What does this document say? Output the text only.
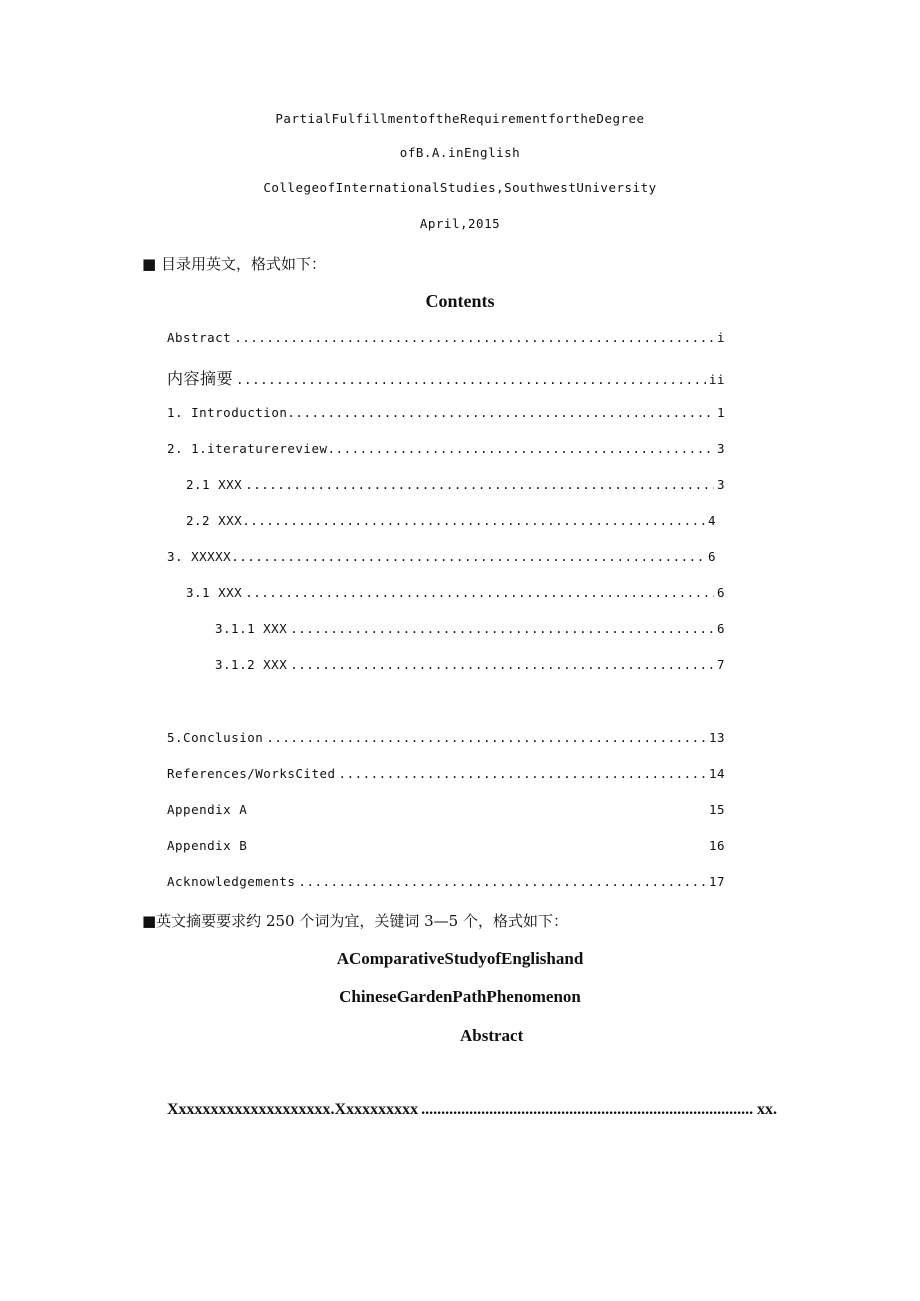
PartialFulfillmentoftheRequirementfortheDegree
ofB.A.inEnglish
CollegeofInternationalStudies,SouthwestUniversity
April,2015
■ 目录用英文，格式如下：
Contents
Abstract .....	i
内容摘要 .....	ii
1. Introduction .....	1
2. 1.iteraturereview .....	3
2.1 XXX .....	3
2.2 XXX .....	4
3. XXXXX .....	6
3.1 XXX .....	6
3.1.1 XXX .....	6
3.1.2 XXX .....	7
5.Conclusion .....	13
References/WorksCited .....	14
Appendix A	15
Appendix B	16
Acknowledgements .....	17
■英文摘要要求约 250 个词为宜，关键词 3—5 个，格式如下：
AComparativeStudyofEnglishand
ChineseGardenPathPhenomenon
Abstract
Xxxxxxxxxxxxxxxxxxxx.Xxxxxxxxxx .....	xx.
